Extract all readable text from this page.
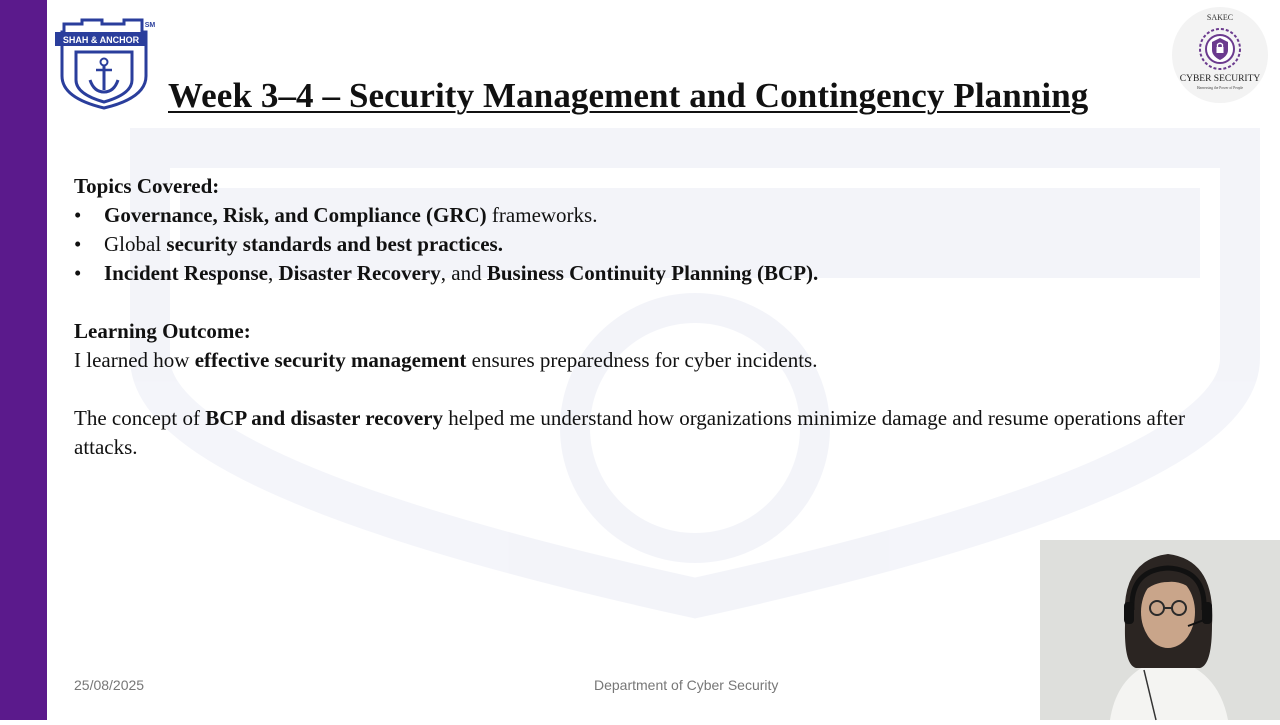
SHAH & ANCHOR
SM
SAKEC
CYBER SECURITY
Harnessing the Power of People
Week 3–4 – Security Management and Contingency Planning
Topics Covered:
• Governance, Risk, and Compliance (GRC) frameworks.
• Global security standards and best practices.
• Incident Response, Disaster Recovery, and Business Continuity Planning (BCP).
Learning Outcome:
I learned how effective security management ensures preparedness for cyber incidents.
The concept of BCP and disaster recovery helped me understand how organizations minimize damage and resume operations after attacks.
25/08/2025	Department of Cyber Security
